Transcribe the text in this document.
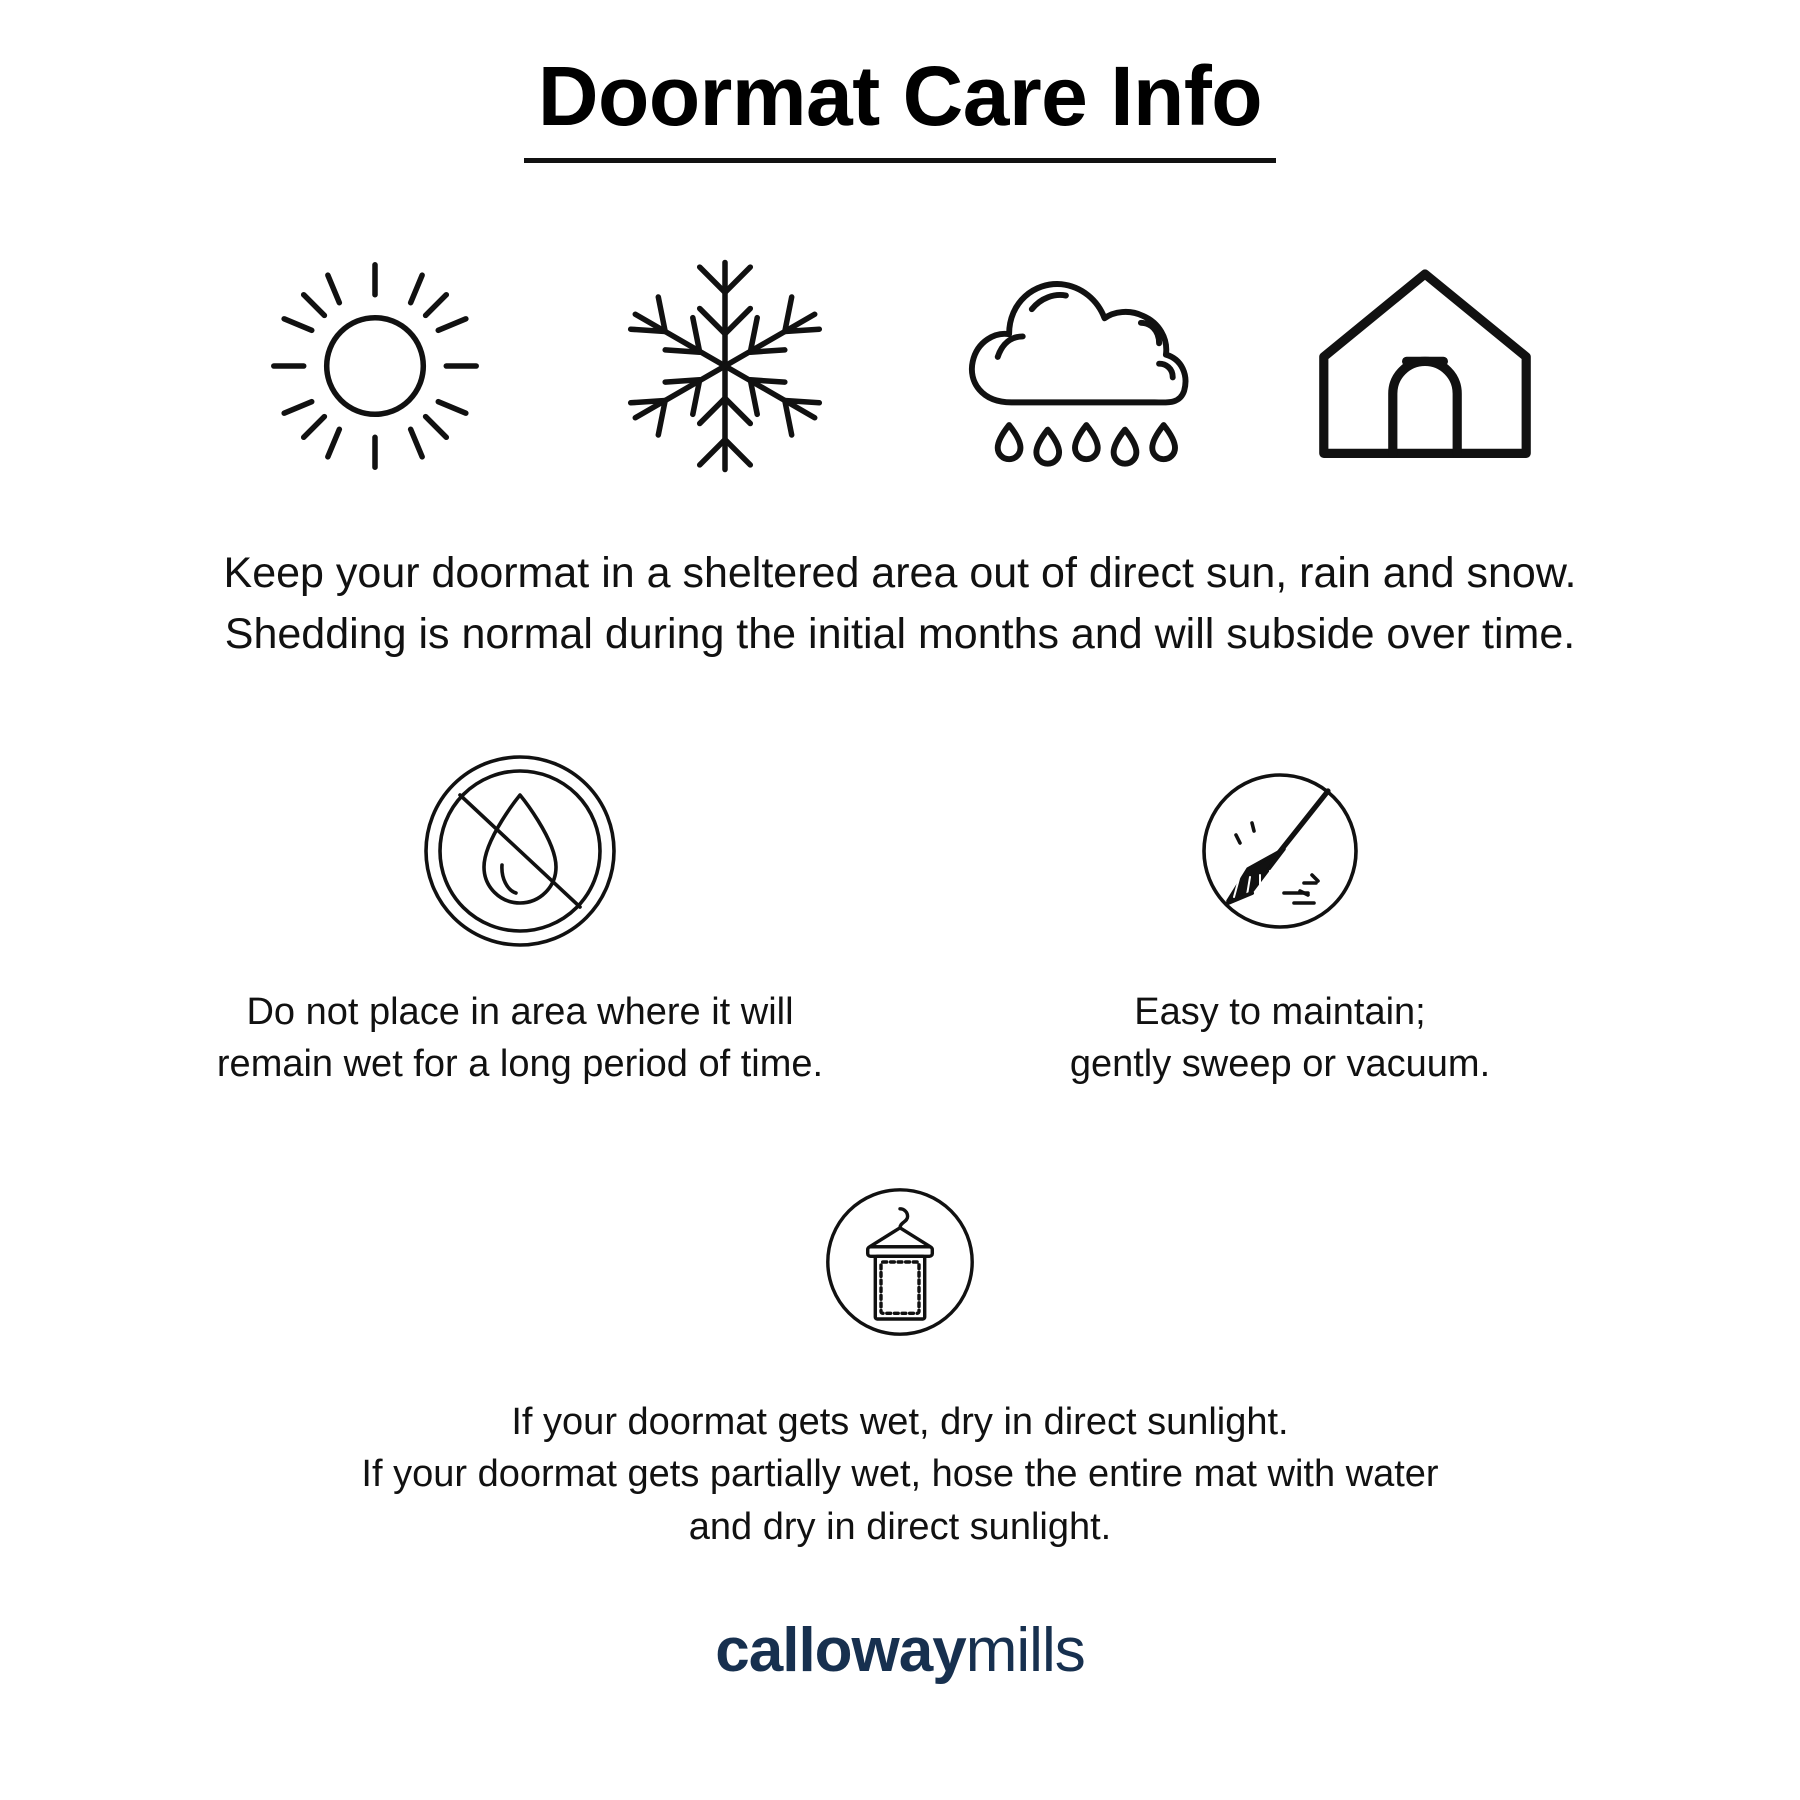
Doormat Care Info
Keep your doormat in a sheltered area out of direct sun, rain and snow.
Shedding is normal during the initial months and will subside over time.
Do not place in area where it will
remain wet for a long period of time.
Easy to maintain;
gently sweep or vacuum.
If your doormat gets wet, dry in direct sunlight.
If your doormat gets partially wet, hose the entire mat with water
and dry in direct sunlight.
callo way mills
